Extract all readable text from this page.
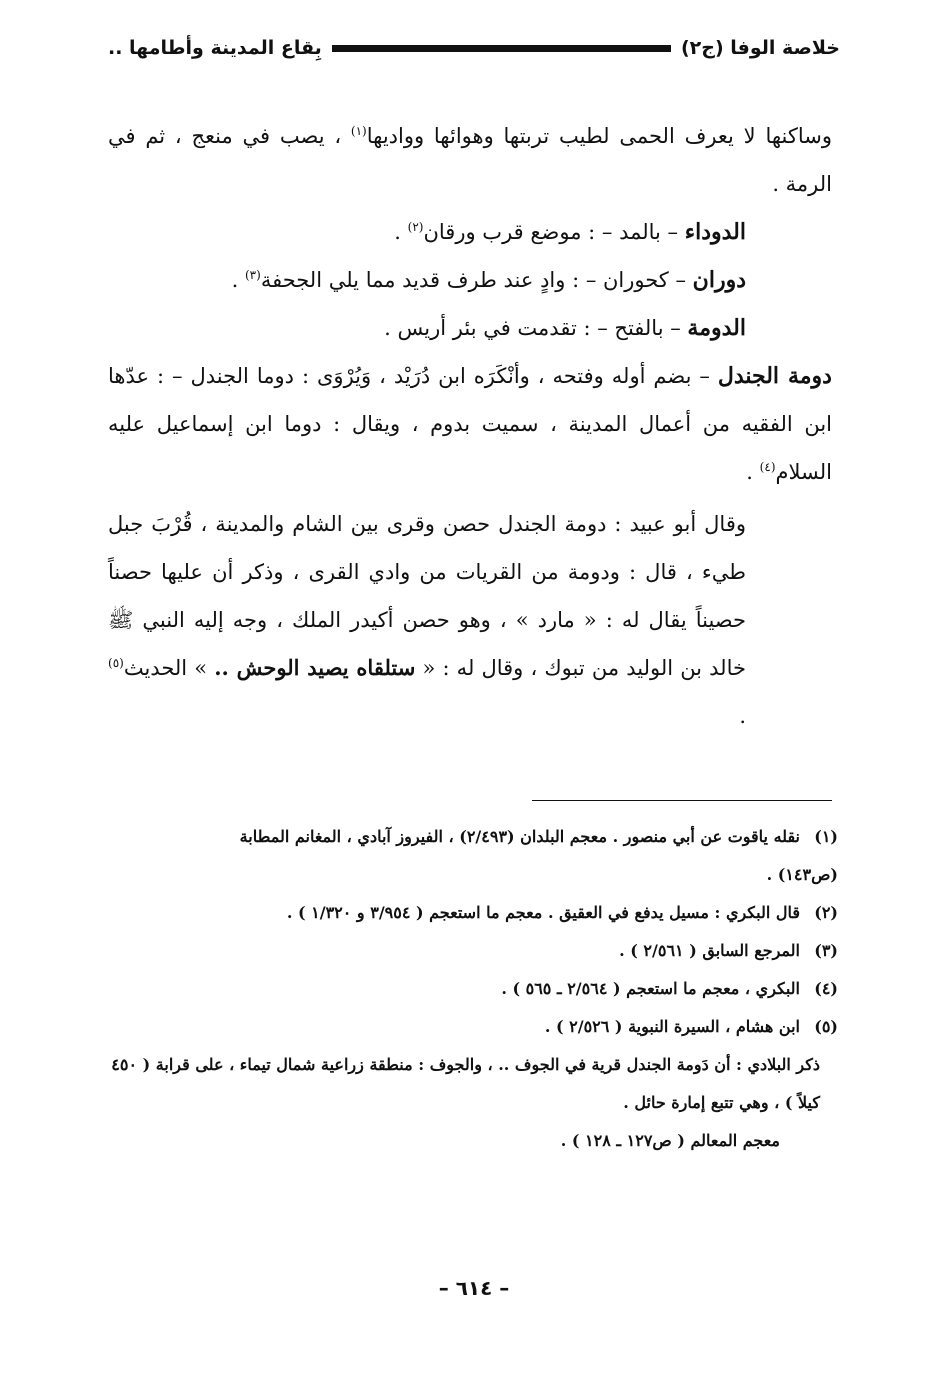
خلاصة الوفا (ج٢)
بِقاع المدينة وأطامها ..

وساكنها لا يعرف الحمى لطيب تربتها وهوائها وواديها$^{(١)}$ ، يصب في منعج ، ثم في الرمة .

الدوداء – بالمد – : موضع قرب ورقان$^{(٢)}$ .

دوران – كحوران – : وادٍ عند طرف قديد مما يلي الجحفة$^{(٣)}$ .

الدومة – بالفتح – : تقدمت في بئر أريس .

دومة الجندل – بضم أوله وفتحه ، وأنْكَرَه ابن دُرَيْد ، وَيُرْوَى : دوما الجندل – : عدّها ابن الفقيه من أعمال المدينة ، سميت بدوم ، ويقال : دوما ابن إسماعيل عليه السلام$^{(٤)}$ .

وقال أبو عبيد : دومة الجندل حصن وقرى بين الشام والمدينة ، قُرْبَ جبل طيء ، قال : ودومة من القريات من وادي القرى ، وذكر أن عليها حصناً حصيناً يقال له : « مارد » ، وهو حصن أكيدر الملك ، وجه إليه النبي ﷺ خالد بن الوليد من تبوك ، وقال له : « ستلقاه يصيد الوحش .. » الحديث$^{(٥)}$ .

(١)نقله ياقوت عن أبي منصور . معجم البلدان (٢/٤٩٣) ، الفيروز آبادي ، المغانم المطابة

(ص١٤٣) .

(٢)قال البكري : مسيل يدفع في العقيق . معجم ما استعجم ( ٣/٩٥٤ و ١/٣٢٠ ) .

(٣)المرجع السابق ( ٢/٥٦١ ) .

(٤)البكري ، معجم ما استعجم ( ٢/٥٦٤ ـ ٥٦٥ ) .

(٥)ابن هشام ، السيرة النبوية ( ٢/٥٢٦ ) .

ذكر البلادي : أن دَومة الجندل قرية في الجوف .. ، والجوف : منطقة زراعية شمال تيماء ، على قرابة ( ٤٥٠ كيلاً ) ، وهي تتبع إمارة حائل .

معجم المعالم ( ص١٢٧ ـ ١٢٨ ) .

– ٦١٤ –
